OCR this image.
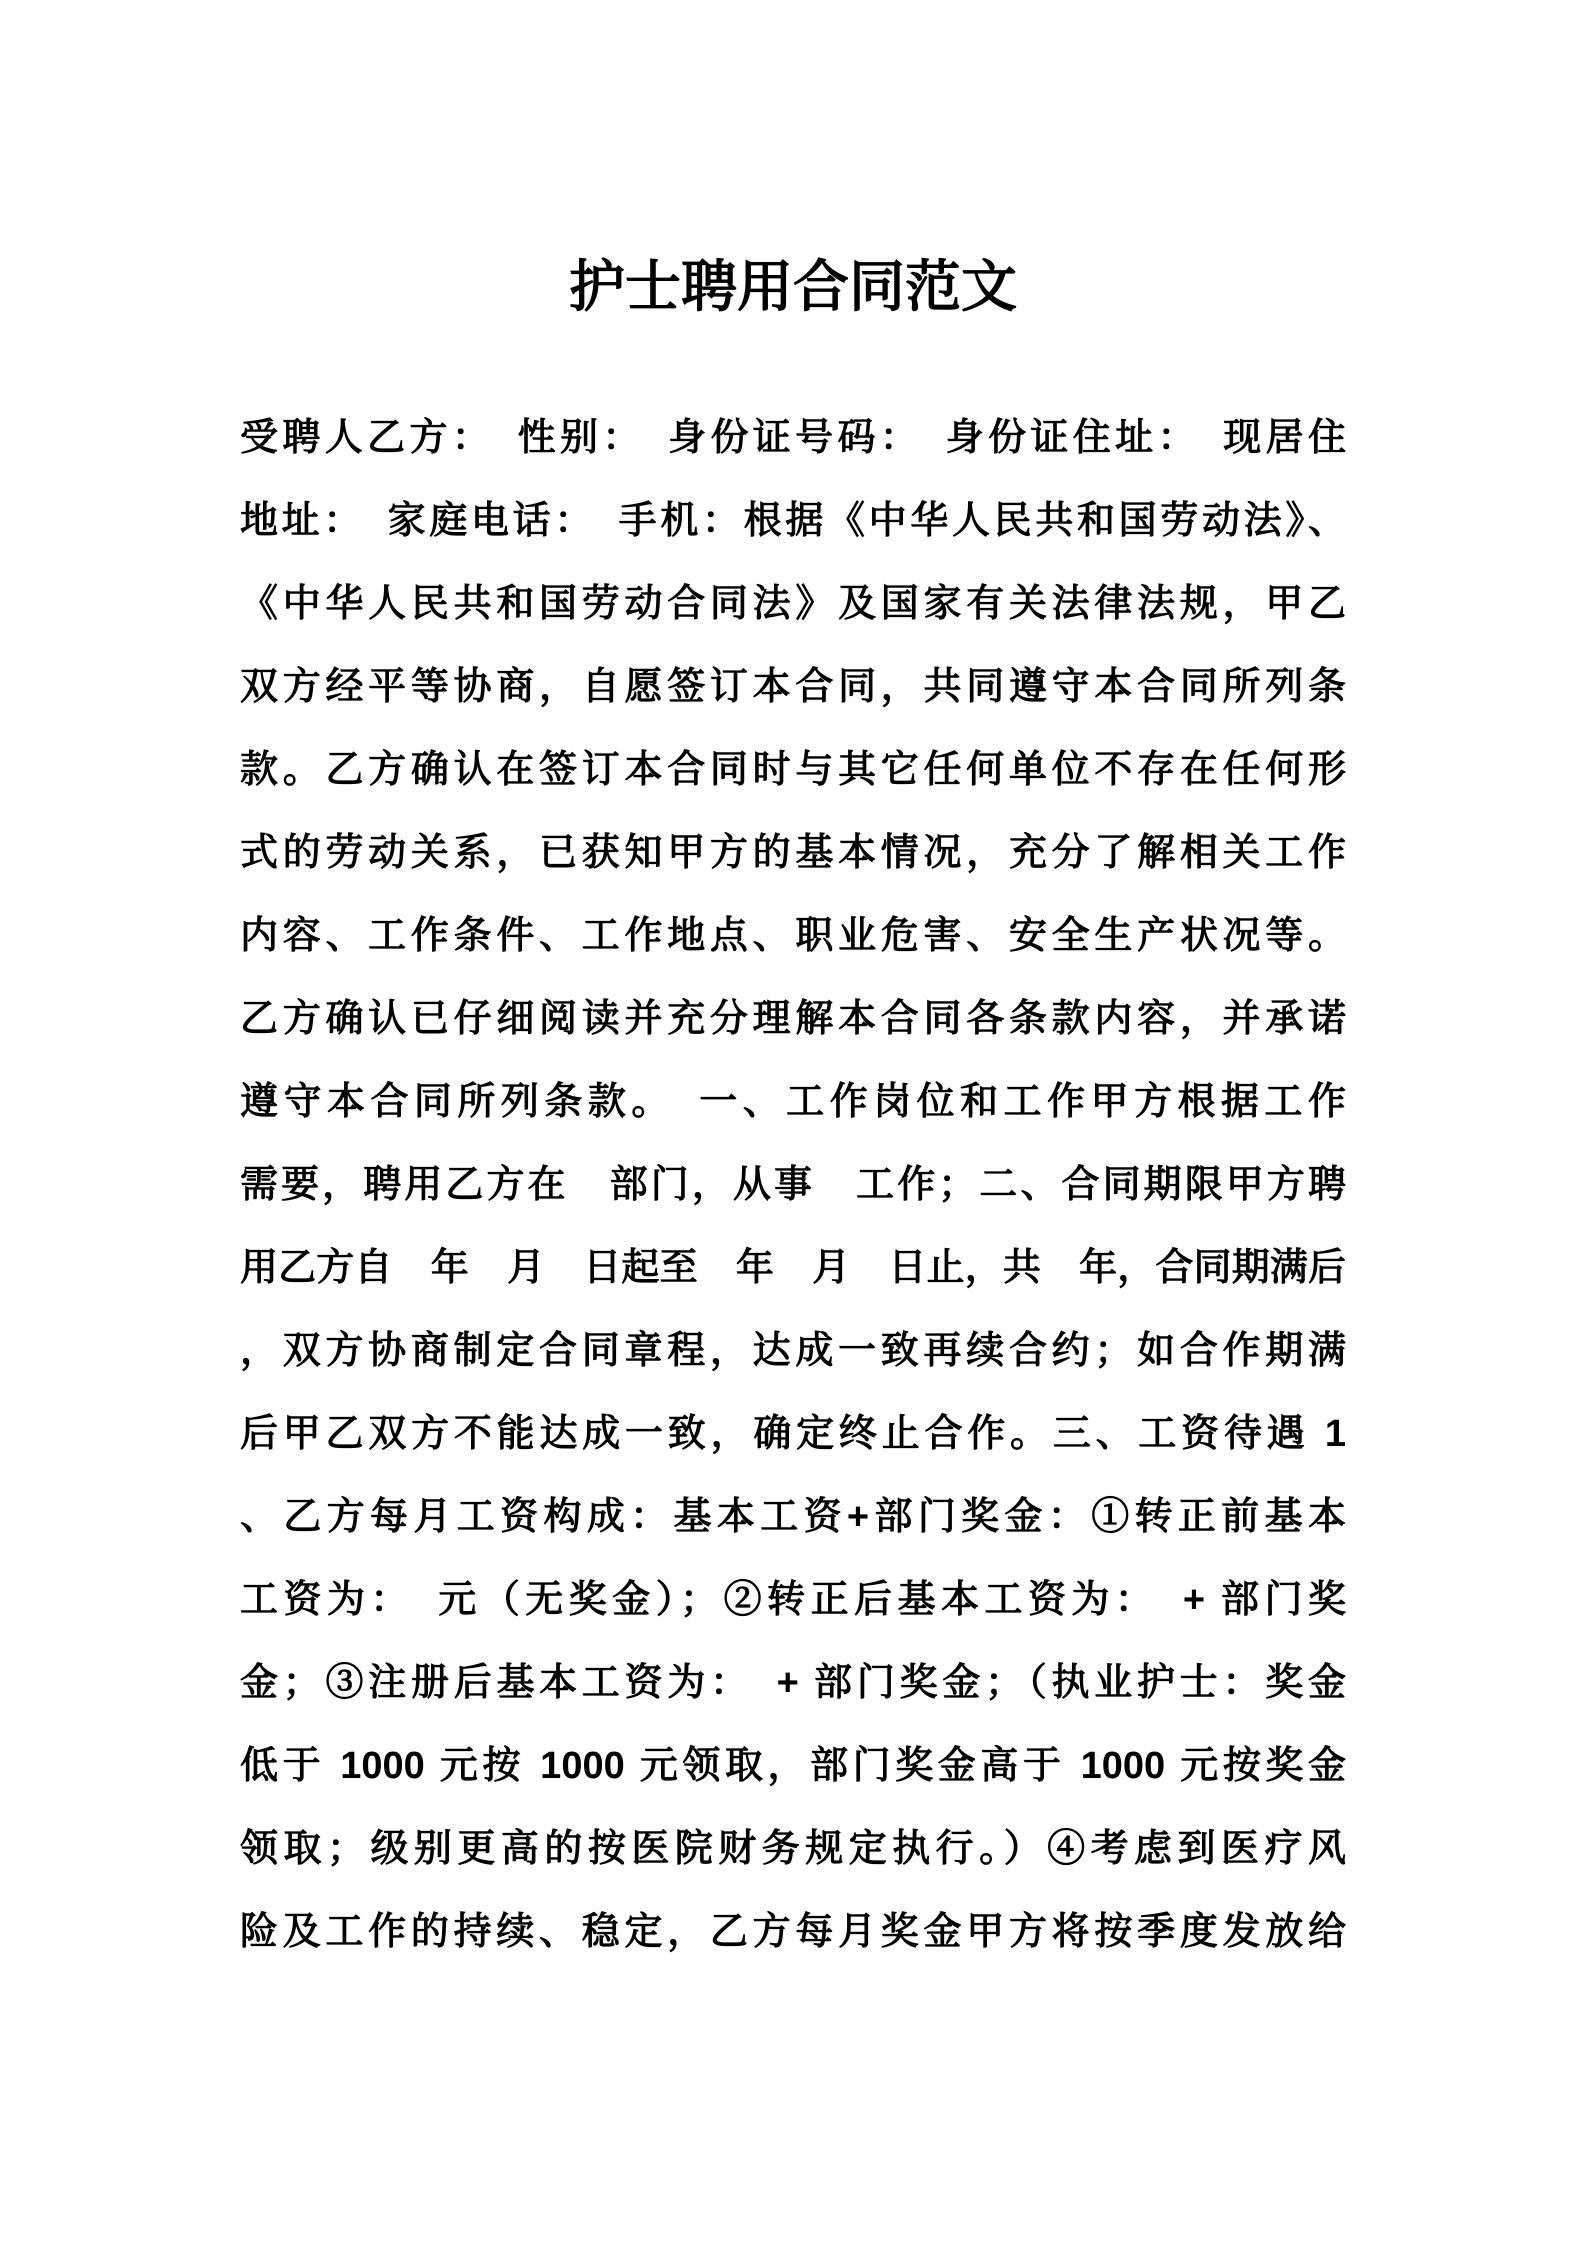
护士聘用合同范文
受聘人乙方：　性别：　身份证号码：　身份证住址：　现居住
地址：　家庭电话：　手机：根据《中华人民共和国劳动法》、
《中华人民共和国劳动合同法》及国家有关法律法规，甲乙
双方经平等协商，自愿签订本合同，共同遵守本合同所列条
款。乙方确认在签订本合同时与其它任何单位不存在任何形
式的劳动关系，已获知甲方的基本情况，充分了解相关工作
内容、工作条件、工作地点、职业危害、安全生产状况等。
乙方确认已仔细阅读并充分理解本合同各条款内容，并承诺
遵守本合同所列条款。　一、工作岗位和工作甲方根据工作
需要，聘用乙方在　部门，从事　工作；二、合同期限甲方聘
用乙方自　年　月　日起至　年　月　日止，共　年，合同期满后
，双方协商制定合同章程，达成一致再续合约；如合作期满
后甲乙双方不能达成一致，确定终止合作。三、工资待遇 1
、乙方每月工资构成：基本工资+部门奖金：①转正前基本
工资为：　元（无奖金）；②转正后基本工资为：　+ 部门奖
金；③注册后基本工资为：　+ 部门奖金；（执业护士：奖金
低于 1000 元按 1000 元领取，部门奖金高于 1000 元按奖金
领取；级别更高的按医院财务规定执行。）④考虑到医疗风
险及工作的持续、稳定，乙方每月奖金甲方将按季度发放给
